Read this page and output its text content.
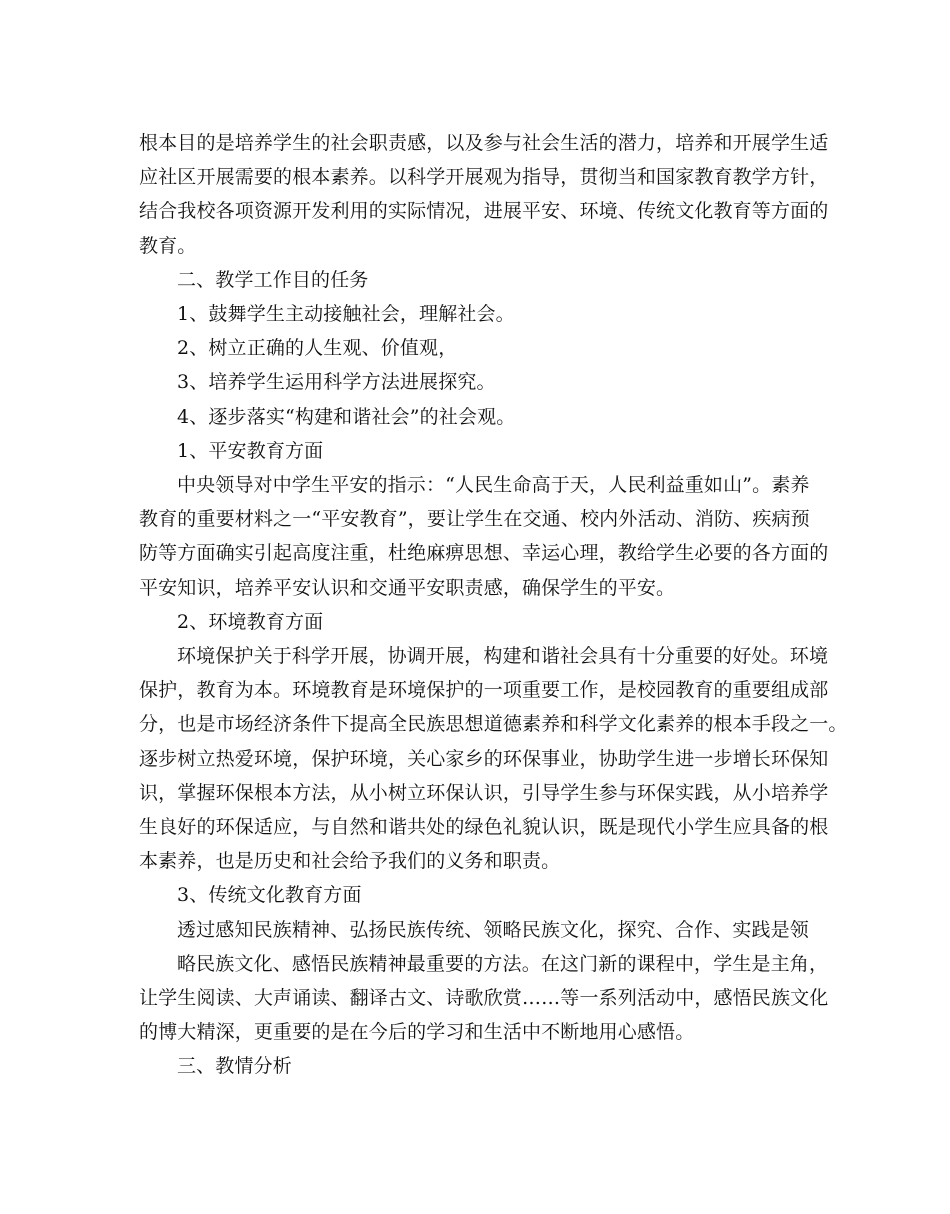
根本目的是培养学生的社会职责感，以及参与社会生活的潜力，培养和开展学生适
应社区开展需要的根本素养。以科学开展观为指导，贯彻当和国家教育教学方针，
结合我校各项资源开发利用的实际情况，进展平安、环境、传统文化教育等方面的
教育。
二、教学工作目的任务
1、鼓舞学生主动接触社会，理解社会。
2、树立正确的人生观、价值观，
3、培养学生运用科学方法进展探究。
4、逐步落实“构建和谐社会”的社会观。
1、平安教育方面
中央领导对中学生平安的指示：“人民生命高于天，人民利益重如山”。素养
教育的重要材料之一“平安教育”，要让学生在交通、校内外活动、消防、疾病预
防等方面确实引起高度注重，杜绝麻痹思想、幸运心理，教给学生必要的各方面的
平安知识，培养平安认识和交通平安职责感，确保学生的平安。
2、环境教育方面
环境保护关于科学开展，协调开展，构建和谐社会具有十分重要的好处。环境
保护，教育为本。环境教育是环境保护的一项重要工作，是校园教育的重要组成部
分，也是市场经济条件下提高全民族思想道德素养和科学文化素养的根本手段之一。
逐步树立热爱环境，保护环境，关心家乡的环保事业，协助学生进一步增长环保知
识，掌握环保根本方法，从小树立环保认识，引导学生参与环保实践，从小培养学
生良好的环保适应，与自然和谐共处的绿色礼貌认识，既是现代小学生应具备的根
本素养，也是历史和社会给予我们的义务和职责。
3、传统文化教育方面
透过感知民族精神、弘扬民族传统、领略民族文化，探究、合作、实践是领
略民族文化、感悟民族精神最重要的方法。在这门新的课程中，学生是主角，
让学生阅读、大声诵读、翻译古文、诗歌欣赏……等一系列活动中，感悟民族文化
的博大精深，更重要的是在今后的学习和生活中不断地用心感悟。
三、教情分析
